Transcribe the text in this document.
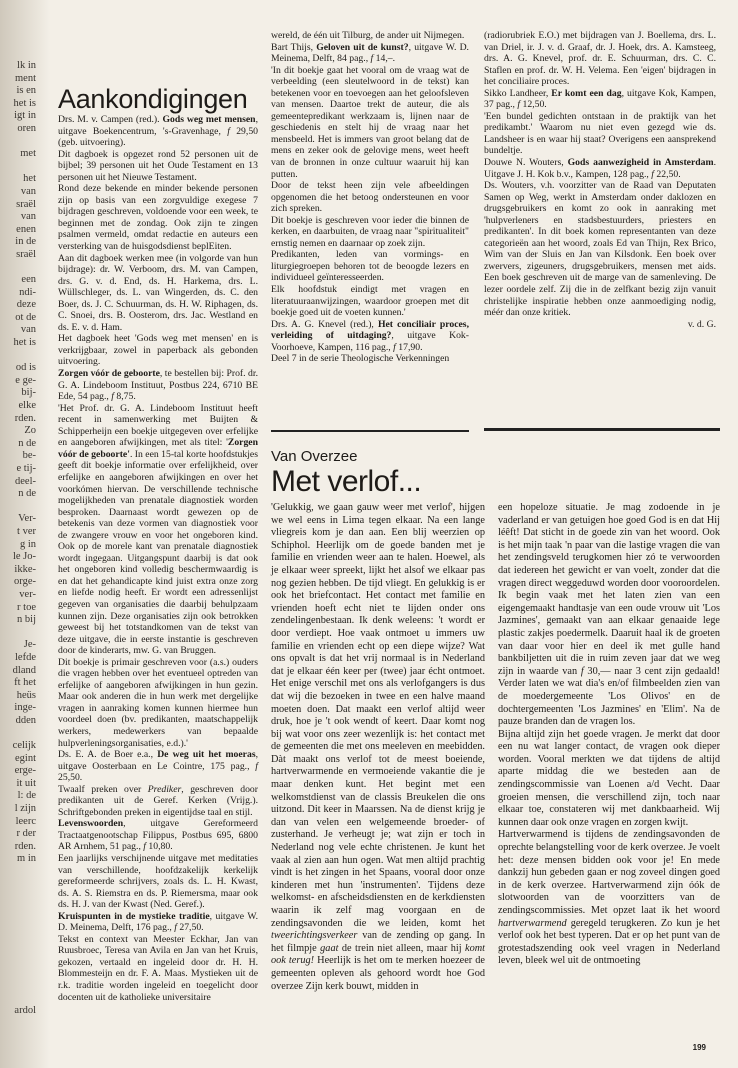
lk in
ment
is en
het is
igt in
oren

met

het
van
sraël
van
enen
in de
sraël

een
ndi-
deze
ot de
van
het is

od is
e ge-
bij-
elke
rden.
Zo
n de
be-
e tij-
deel-
n de

Ver-
t ver
g in
le Jo-
ikke-
orge-
ver-
r toe
n bij

Je-
lefde
dland
ft het
heüs
inge-
dden

celijk
egint
erge-
it uit
l: de
l zijn
leerc
r der
rden.
m in

ardol
Aankondigingen

Drs. M. v. Campen (red.). Gods weg met mensen, uitgave Boekencentrum, 's-Gravenhage, f 29,50 (geb. uitvoering).

Dit dagboek is opgezet rond 52 personen uit de bijbel; 39 personen uit het Oude Testament en 13 personen uit het Nieuwe Testament.

Rond deze bekende en minder bekende personen zijn op basis van een zorgvuldige exegese 7 bijdragen geschreven, voldoende voor een week, te beginnen met de zondag. Ook zijn te zingen psalmen vermeld, omdat redactie en auteurs een versterking van de huisgodsdienst beplEiten.

Aan dit dagboek werken mee (in volgorde van hun bijdrage): dr. W. Verboom, drs. M. van Campen, drs. G. v. d. End, ds. H. Harkema, drs. L. Wüllschleger, ds. L. van Wingerden, ds. C. den Boer, ds. J. C. Schuurman, ds. H. W. Riphagen, ds. C. Snoei, drs. B. Oosterom, drs. Jac. Westland en ds. E. v. d. Ham.

Het dagboek heet 'Gods weg met mensen' en is verkrijgbaar, zowel in paperback als gebonden uitvoering.

Zorgen vóór de geboorte, te bestellen bij: Prof. dr. G. A. Lindeboom Instituut, Postbus 224, 6710 BE Ede, 54 pag., f 8,75.

'Het Prof. dr. G. A. Lindeboom Instituut heeft recent in samenwerking met Buijten & Schipperheijn een boekje uitgegeven over erfelijke en aangeboren afwijkingen, met als titel: 'Zorgen vóór de geboorte'. In een 15-tal korte hoofdstukjes geeft dit boekje informatie over erfelijkheid, over erfelijke en aangeboren afwijkingen en over het voorkómen hiervan. De verschillende technische mogelijkheden van prenatale diagnostiek worden besproken. Daarnaast wordt gewezen op de betekenis van deze vormen van diagnostiek voor de zwangere vrouw en voor het ongeboren kind. Ook op de morele kant van prenatale diagnostiek wordt ingegaan. Uitgangspunt daarbij is dat ook het ongeboren kind volledig beschermwaardig is en dat het gehandicapte kind juist extra onze zorg en liefde nodig heeft. Er wordt een adressenlijst gegeven van organisaties die daarbij behulpzaam kunnen zijn. Deze organisaties zijn ook betrokken geweest bij het totstandkomen van de tekst van deze uitgave, die in eerste instantie is geschreven door de kinderarts, mw. G. van Bruggen.

Dit boekje is primair geschreven voor (a.s.) ouders die vragen hebben over het eventueel optreden van erfelijke of aangeboren afwijkingen in hun gezin. Maar ook anderen die in hun werk met dergelijke vragen in aanraking komen kunnen hiermee hun voordeel doen (bv. predikanten, maatschappelijk werkers, medewerkers van bepaalde hulpverleningsorganisaties, e.d.).'

Ds. E. A. de Boer e.a., De weg uit het moeras, uitgave Oosterbaan en Le Cointre, 175 pag., f 25,50.

Twaalf preken over Prediker, geschreven door predikanten uit de Geref. Kerken (Vrijg.). Schriftgebonden preken in eigentijdse taal en stijl.

Levenswoorden, uitgave Gereformeerd Tractaatgenootschap Filippus, Postbus 695, 6800 AR Arnhem, 51 pag., f 10,80.

Een jaarlijks verschijnende uitgave met meditaties van verschillende, hoofdzakelijk kerkelijk gereformeerde schrijvers, zoals ds. L. H. Kwast, ds. A. S. Riemstra en ds. P. Riemersma, maar ook ds. H. J. van der Kwast (Ned. Geref.).

Kruispunten in de mystieke traditie, uitgave W. D. Meinema, Delft, 176 pag., f 27,50.

Tekst en context van Meester Eckhar, Jan van Ruusbroec, Teresa van Avila en Jan van het Kruis, gekozen, vertaald en ingeleid door dr. H. H. Blommesteijn en dr. F. A. Maas. Mystieken uit de r.k. traditie worden ingeleid en toegelicht door docenten uit de katholieke universitaire

wereld, de één uit Tilburg, de ander uit Nijmegen.

Bart Thijs, Geloven uit de kunst?, uitgave W. D. Meinema, Delft, 84 pag., f 14,–.

'In dit boekje gaat het vooral om de vraag wat de verbeelding (een sleutelwoord in de tekst) kan betekenen voor en toevoegen aan het geloofsleven van mensen. Daartoe trekt de auteur, die als gemeentepredikant werkzaam is, lijnen naar de geschiedenis en stelt hij de vraag naar het mensbeeld. Het is immers van groot belang dat de mens en zeker ook de gelovige mens, weet heeft van de bronnen in onze cultuur waaruit hij kan putten.

Door de tekst heen zijn vele afbeeldingen opgenomen die het betoog ondersteunen en voor zich spreken.

Dit boekje is geschreven voor ieder die binnen de kerken, en daarbuiten, de vraag naar "spiritualiteit" ernstig nemen en daarnaar op zoek zijn.

Predikanten, leden van vormings- en liturgiegroepen behoren tot de beoogde lezers en individueel geïnteresseerden.

Elk hoofdstuk eindigt met vragen en literatuuraanwijzingen, waardoor groepen met dit boekje goed uit de voeten kunnen.'

Drs. A. G. Knevel (red.), Het conciliair proces, verleiding of uitdaging?, uitgave Kok-Voorhoeve, Kampen, 116 pag., f 17,90.

Deel 7 in de serie Theologische Verkenningen

(radiorubriek E.O.) met bijdragen van J. Boellema, drs. L. van Driel, ir. J. v. d. Graaf, dr. J. Hoek, drs. A. Kamsteeg, drs. A. G. Knevel, prof. dr. E. Schuurman, drs. C. C. Staflen en prof. dr. W. H. Velema. Een 'eigen' bijdragen in het conciliaire proces.

Sikko Landheer, Er komt een dag, uitgave Kok, Kampen, 37 pag., f 12,50.

'Een bundel gedichten ontstaan in de praktijk van het predikambt.' Waarom nu niet even gezegd wie ds. Landsheer is en waar hij staat? Overigens een aansprekend bundeltje.

Douwe N. Wouters, Gods aanwezigheid in Amsterdam. Uitgave J. H. Kok b.v., Kampen, 128 pag., f 22,50.

Ds. Wouters, v.h. voorzitter van de Raad van Deputaten Samen op Weg, werkt in Amsterdam onder daklozen en drugsgebruikers en komt zo ook in aanraking met 'hulpverleners en stadsbestuurders, priesters en predikanten'. In dit boek komen representanten van deze categorieën aan het woord, zoals Ed van Thijn, Rex Brico, Wim van der Sluis en Jan van Kilsdonk. Een boek over zwervers, zigeuners, drugsgebruikers, mensen met aids. Een boek geschreven uit de marge van de samenleving. De lezer oordele zelf. Zij die in de zelfkant bezig zijn vanuit christelijke inspiratie hebben onze aanmoediging nodig, méér dan onze kritiek.

v. d. G.

Van Overzee
Met verlof...

'Gelukkig, we gaan gauw weer met verlof', hijgen we wel eens in Lima tegen elkaar. Na een lange vliegreis kom je dan aan. Een blij weerzien op Schiphol. Heerlijk om de goede banden met je familie en vrienden weer aan te halen. Hoewel, als je elkaar weer spreekt, lijkt het alsof we elkaar pas nog gezien hebben. De tijd vliegt. En gelukkig is er ook het briefcontact. Het contact met familie en vrienden hoeft echt niet te lijden onder ons zendelingenbestaan. Ik denk weleens: 't wordt er door verdiept. Hoe vaak ontmoet u immers uw familie en vrienden echt op een diepe wijze? Wat ons opvalt is dat het vrij normaal is in Nederland dat je elkaar één keer per (twee) jaar écht ontmoet. Het enige verschil met ons als verlofgangers is dus dat wij die bezoeken in twee en een halve maand moeten doen. Dat maakt een verlof altijd weer druk, hoe je 't ook wendt of keert. Daar komt nog bij wat voor ons zeer wezenlijk is: het contact met de gemeenten die met ons meeleven en meebidden. Dàt maakt ons verlof tot de meest boeiende, hartverwarmende en vermoeiende vakantie die je maar denken kunt. Het begint met een welkomstdienst van de classis Breukelen die ons uitzond. Dit keer in Maarssen. Na de dienst krijg je dan van velen een welgemeende broeder- of zusterhand. Je verheugt je; wat zijn er toch in Nederland nog vele echte christenen. Je kunt het vaak al zien aan hun ogen. Wat men altijd prachtig vindt is het zingen in het Spaans, vooral door onze kinderen met hun 'instrumenten'. Tijdens deze welkomst- en afscheidsdiensten en de kerkdiensten waarin ik zelf mag voorgaan en de zendingsavonden die we leiden, komt het tweerichtingsverkeer van de zending op gang. In het filmpje gaat de trein niet alleen, maar hij komt ook terug! Heerlijk is het om te merken hoezeer de gemeenten opleven als gehoord wordt hoe God overzee Zijn kerk bouwt, midden in

een hopeloze situatie. Je mag zodoende in je vaderland er van getuigen hoe goed God is en dat Hij léêft! Dat sticht in de goede zin van het woord. Ook is het mijn taak 'n paar van die lastige vragen die van het zendingsveld terugkomen hier zó te verwoorden dat iedereen het gewicht er van voelt, zonder dat die vragen direct weggeduwd worden door vooroordelen. Ik begin vaak met het laten zien van een eigengemaakt handtasje van een oude vrouw uit 'Los Jazmines', gemaakt van aan elkaar genaaide lege plastic zakjes poedermelk. Daaruit haal ik de groeten van daar voor hier en deel ik met gulle hand bankbiljetten uit die in ruim zeven jaar dat we weg zijn in waarde van f 30,— naar 3 cent zijn gedaald! Verder laten we wat dia's en/of filmbeelden zien van de moedergemeente 'Los Olivos' en de dochtergemeenten 'Los Jazmines' en 'Elim'. Na de pauze branden dan de vragen los.

Bijna altijd zijn het goede vragen. Je merkt dat door een nu wat langer contact, de vragen ook dieper worden. Vooral merkten we dat tijdens de altijd aparte middag die we besteden aan de zendingscommissie van Loenen a/d Vecht. Daar groeien mensen, die verschillend zijn, toch naar elkaar toe, constateren wij met dankbaarheid. Wij kunnen daar ook onze vragen en zorgen kwijt.

Hartverwarmend is tijdens de zendingsavonden de oprechte belangstelling voor de kerk overzee. Je voelt het: deze mensen bidden ook voor je! En mede dankzij hun gebeden gaan er nog zoveel dingen goed in de kerk overzee. Hartverwarmend zijn óók de slotwoorden van de voorzitters van de zendingscommissies. Met opzet laat ik het woord hartverwarmend geregeld terugkeren. Zo kun je het verlof ook het best typeren. Dat er op het punt van de grotestadszending ook veel vragen in Nederland leven, bleek wel uit de ontmoeting

199
